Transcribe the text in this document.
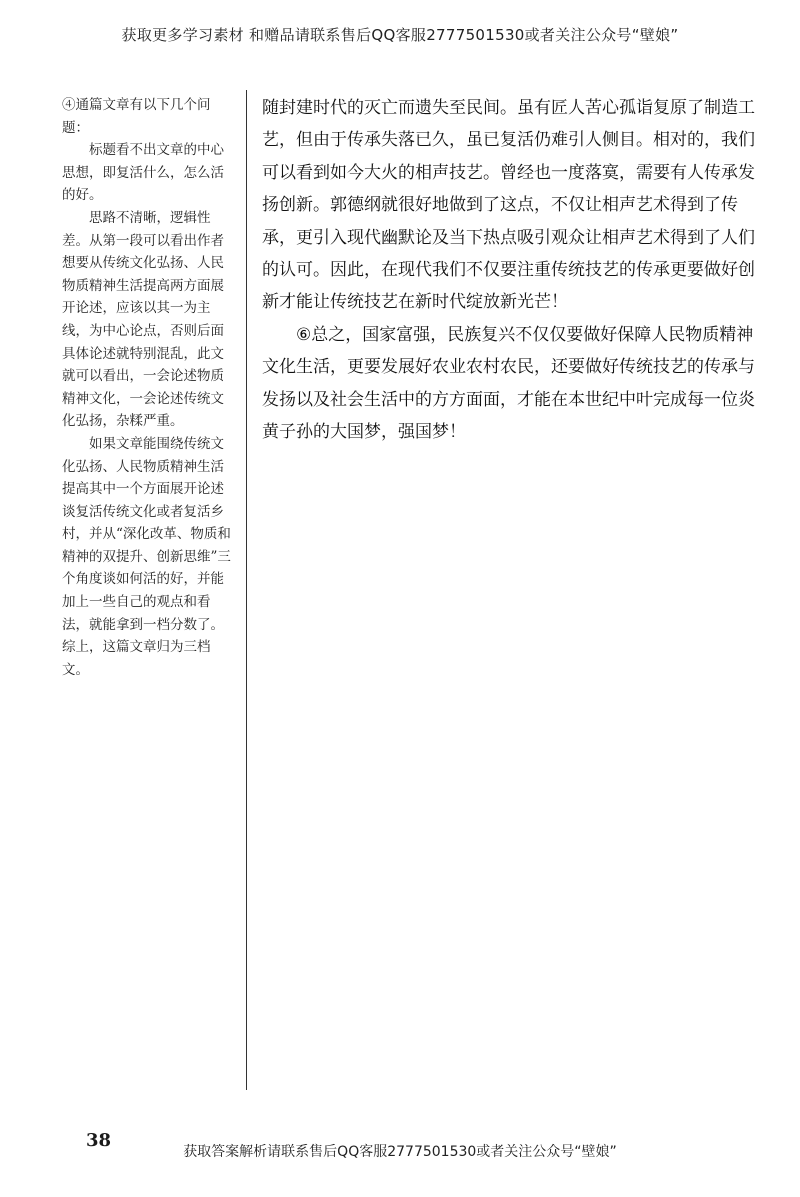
获取更多学习素材 和赠品请联系售后QQ客服2777501530或者关注公众号“壁娘”

④通篇文章有以下几个问题：

标题看不出文章的中心思想，即复活什么，怎么活的好。

思路不清晰，逻辑性差。从第一段可以看出作者想要从传统文化弘扬、人民物质精神生活提高两方面展开论述，应该以其一为主线，为中心论点，否则后面具体论述就特别混乱，此文就可以看出，一会论述物质精神文化，一会论述传统文化弘扬，杂糅严重。

如果文章能围绕传统文化弘扬、人民物质精神生活提高其中一个方面展开论述谈复活传统文化或者复活乡村，并从“深化改革、物质和精神的双提升、创新思维”三个角度谈如何活的好，并能加上一些自己的观点和看法，就能拿到一档分数了。综上，这篇文章归为三档文。

随封建时代的灭亡而遗失至民间。虽有匠人苦心孤诣复原了制造工艺，但由于传承失落已久，虽已复活仍难引人侧目。相对的，我们可以看到如今大火的相声技艺。曾经也一度落寞，需要有人传承发扬创新。郭德纲就很好地做到了这点，不仅让相声艺术得到了传承，更引入现代幽默论及当下热点吸引观众让相声艺术得到了人们的认可。因此，在现代我们不仅要注重传统技艺的传承更要做好创新才能让传统技艺在新时代绽放新光芒！

⑥总之，国家富强，民族复兴不仅仅要做好保障人民物质精神文化生活，更要发展好农业农村农民，还要做好传统技艺的传承与发扬以及社会生活中的方方面面，才能在本世纪中叶完成每一位炎黄子孙的大国梦，强国梦！

38
获取答案解析请联系售后QQ客服2777501530或者关注公众号“壁娘”
